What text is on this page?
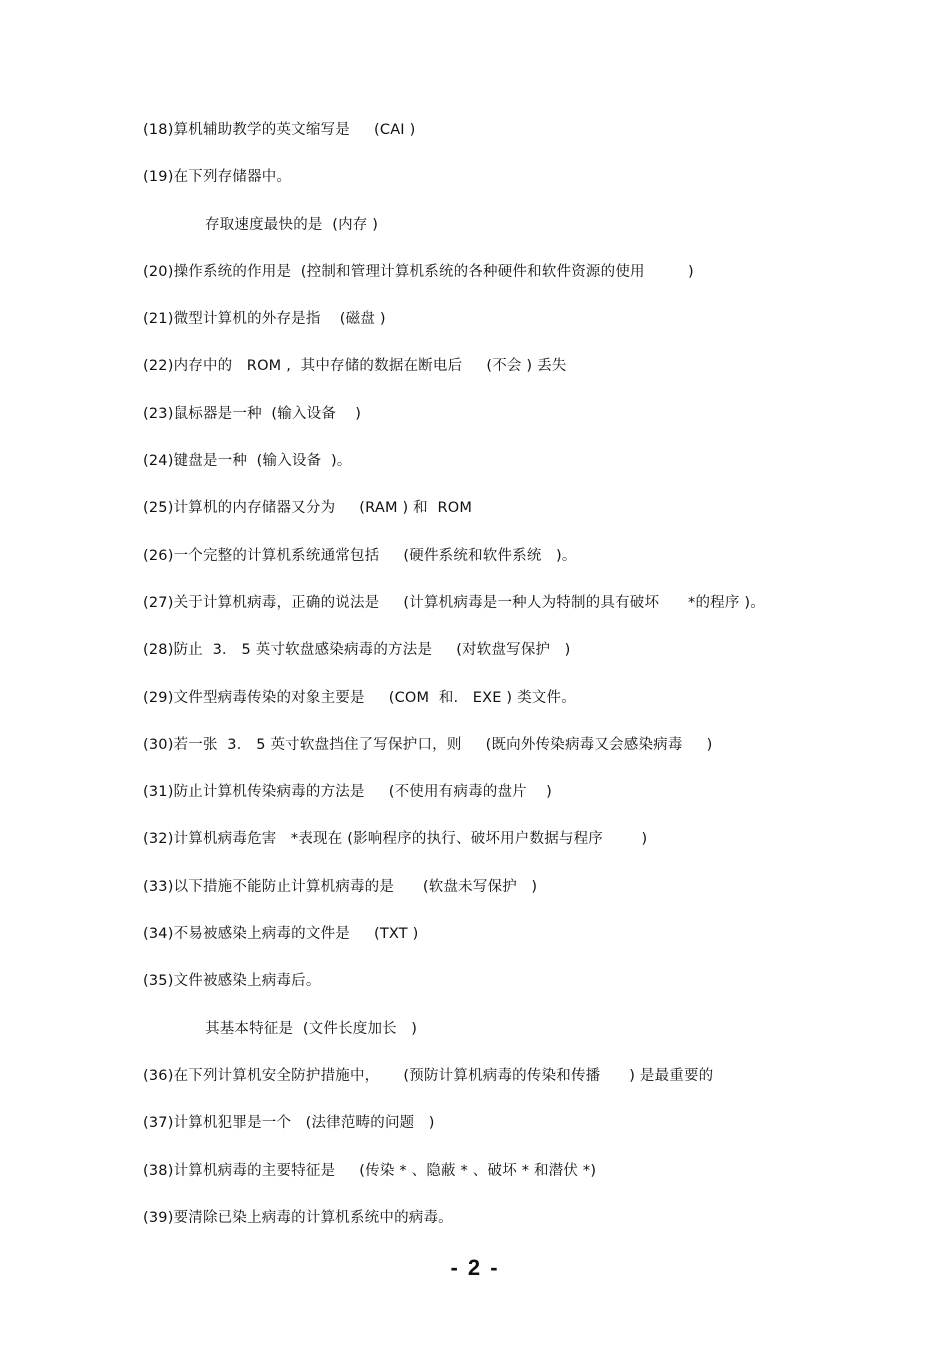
(18)算机辅助教学的英文缩写是     (CAI )
(19)在下列存储器中。
存取速度最快的是  (内存 )
(20)操作系统的作用是  (控制和管理计算机系统的各种硬件和软件资源的使用         )
(21)微型计算机的外存是指    (磁盘 )
(22)内存中的   ROM ,  其中存储的数据在断电后     (不会 ) 丢失
(23)鼠标器是一种  (输入设备    )
(24)键盘是一种  (输入设备  )。
(25)计算机的内存储器又分为     (RAM ) 和  ROM
(26)一个完整的计算机系统通常包括     (硬件系统和软件系统   )。
(27)关于计算机病毒，正确的说法是     (计算机病毒是一种人为特制的具有破坏      *的程序 )。
(28)防止  3． 5 英寸软盘感染病毒的方法是     (对软盘写保护   )
(29)文件型病毒传染的对象主要是     (COM  和.   EXE ) 类文件。
(30)若一张  3． 5 英寸软盘挡住了写保护口，则     (既向外传染病毒又会感染病毒     )
(31)防止计算机传染病毒的方法是     (不使用有病毒的盘片    )
(32)计算机病毒危害   *表现在 (影响程序的执行、破坏用户数据与程序        )
(33)以下措施不能防止计算机病毒的是      (软盘未写保护   )
(34)不易被感染上病毒的文件是     (TXT )
(35)文件被感染上病毒后。
其基本特征是  (文件长度加长   )
(36)在下列计算机安全防护措施中，     (预防计算机病毒的传染和传播      ) 是最重要的
(37)计算机犯罪是一个   (法律范畴的问题   )
(38)计算机病毒的主要特征是     (传染 * 、隐蔽 * 、破坏 * 和潜伏 *)
(39)要清除已染上病毒的计算机系统中的病毒。
- 2 -
